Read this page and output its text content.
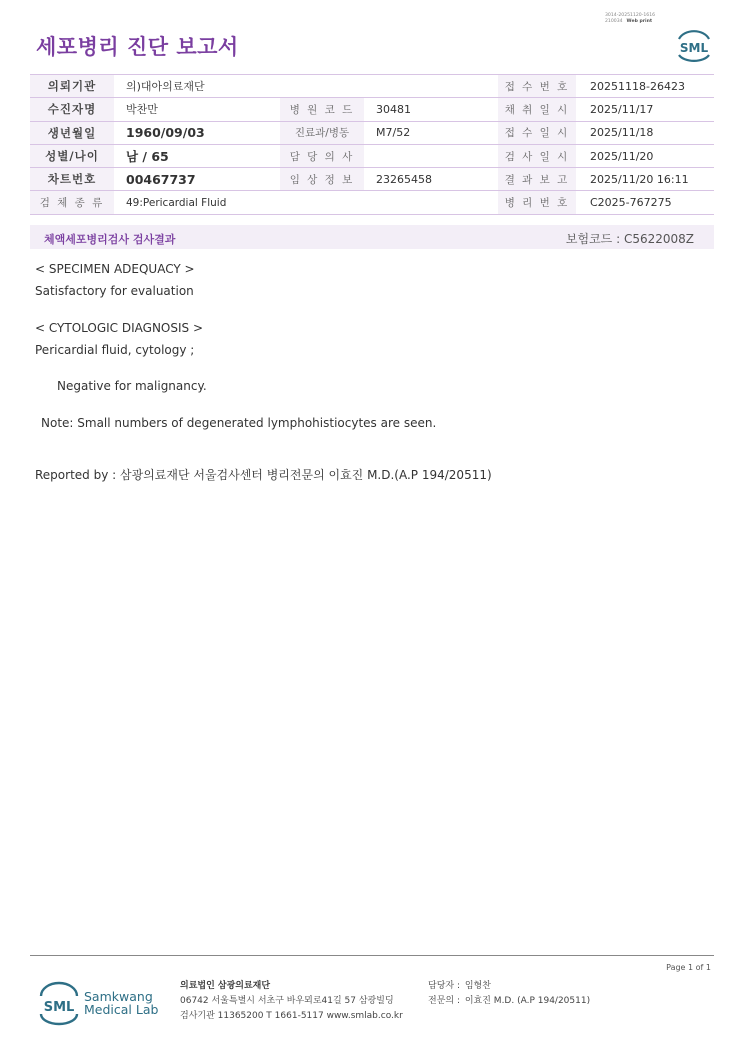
3014-20251120-1616
210034 Web print
세포병리 진단 보고서	SML
의뢰기관	의)대아의료재단			접 수 번 호	20251118-26423
수진자명	박찬만	병 원 코 드	30481	채 취 일 시	2025/11/17
생년월일	1960/09/03	진료과/병동	M7/52	접 수 일 시	2025/11/18
성별/나이	남 / 65	담 당 의 사		검 사 일 시	2025/11/20
차트번호	00467737	임 상 정 보	23265458	결 과 보 고	2025/11/20 16:11
검 체 종 류	49:Pericardial Fluid			병 리 번 호	C2025-767275
체액세포병리검사 검사결과	보험코드 : C5622008Z
< SPECIMEN ADEQUACY >
Satisfactory for evaluation
< CYTOLOGIC DIAGNOSIS >
Pericardial fluid, cytology ;
Negative for malignancy.
Note: Small numbers of degenerated lymphohistiocytes are seen.
Reported by : 삼광의료재단 서울검사센터 병리전문의 이효진 M.D.(A.P 194/20511)
Page 1 of 1
SML
Samkwang
Medical Lab
의료법인 삼광의료재단
06742 서울특별시 서초구 바우뫼로41길 57 삼광빌딩
검사기관 11365200 T 1661-5117 www.smlab.co.kr
담당자 : 임형찬
전문의 : 이효진 M.D. (A.P 194/20511)
